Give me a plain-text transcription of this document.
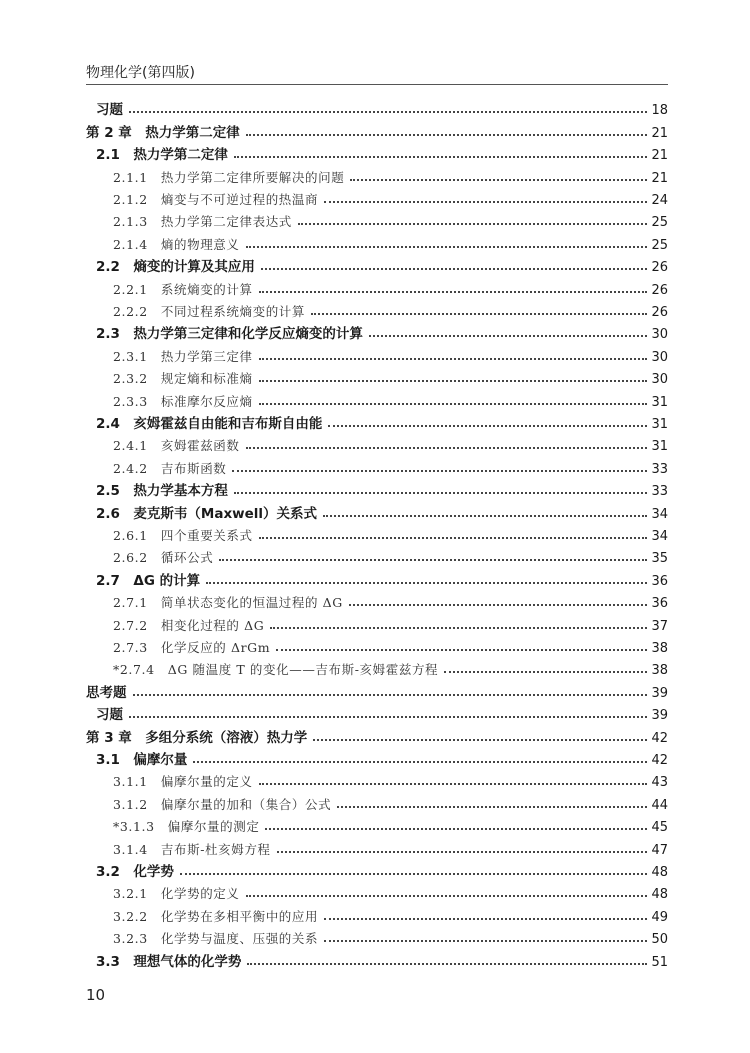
物理化学(第四版)
习题	18
第 2 章　热力学第二定律	21
2.1　热力学第二定律	21
2.1.1　热力学第二定律所要解决的问题	21
2.1.2　熵变与不可逆过程的热温商	24
2.1.3　热力学第二定律表达式	25
2.1.4　熵的物理意义	25
2.2　熵变的计算及其应用	26
2.2.1　系统熵变的计算	26
2.2.2　不同过程系统熵变的计算	26
2.3　热力学第三定律和化学反应熵变的计算	30
2.3.1　热力学第三定律	30
2.3.2　规定熵和标准熵	30
2.3.3　标准摩尔反应熵	31
2.4　亥姆霍兹自由能和吉布斯自由能	31
2.4.1　亥姆霍兹函数	31
2.4.2　吉布斯函数	33
2.5　热力学基本方程	33
2.6　麦克斯韦（Maxwell）关系式	34
2.6.1　四个重要关系式	34
2.6.2　循环公式	35
2.7　ΔG 的计算	36
2.7.1　简单状态变化的恒温过程的 ΔG	36
2.7.2　相变化过程的 ΔG	37
2.7.3　化学反应的 ΔrGm	38
*2.7.4　ΔG 随温度 T 的变化——吉布斯-亥姆霍兹方程	38
思考题	39
习题	39
第 3 章　多组分系统（溶液）热力学	42
3.1　偏摩尔量	42
3.1.1　偏摩尔量的定义	43
3.1.2　偏摩尔量的加和（集合）公式	44
*3.1.3　偏摩尔量的测定	45
3.1.4　吉布斯-杜亥姆方程	47
3.2　化学势	48
3.2.1　化学势的定义	48
3.2.2　化学势在多相平衡中的应用	49
3.2.3　化学势与温度、压强的关系	50
3.3　理想气体的化学势	51
10
